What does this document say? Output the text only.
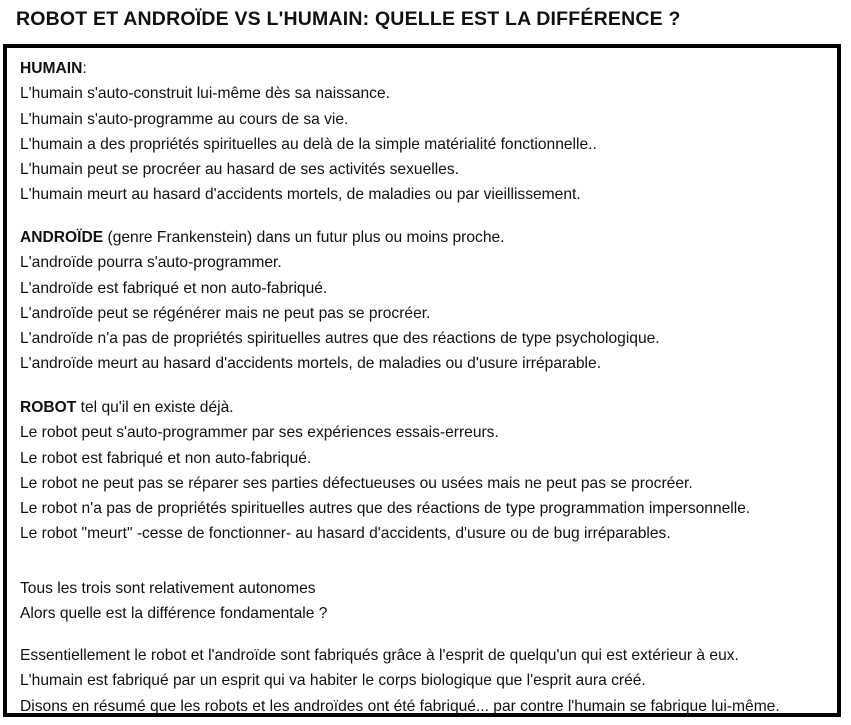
ROBOT ET ANDROÏDE VS L'HUMAIN: QUELLE EST LA DIFFÉRENCE ?
HUMAIN:
L'humain s'auto-construit lui-même dès sa naissance.
L'humain s'auto-programme au cours de sa vie.
L'humain a des propriétés spirituelles au delà de la simple matérialité fonctionnelle..
L'humain peut se procréer au hasard de ses activités sexuelles.
L'humain meurt au hasard d'accidents mortels, de maladies ou par vieillissement.
ANDROÏDE (genre Frankenstein) dans un futur plus ou moins proche.
L'androïde pourra s'auto-programmer.
L'androïde est fabriqué et non auto-fabriqué.
L'androïde peut se régénérer mais ne peut pas se procréer.
L'androïde n'a pas de propriétés spirituelles autres que des réactions de type psychologique.
L'androïde meurt au hasard d'accidents mortels, de maladies ou d'usure irréparable.
ROBOT tel qu'il en existe déjà.
Le robot peut s'auto-programmer par ses expériences essais-erreurs.
Le robot est fabriqué et non auto-fabriqué.
Le robot ne peut pas se réparer ses parties défectueuses ou usées mais ne peut pas se procréer.
Le robot n'a pas de propriétés spirituelles autres que des réactions de type programmation impersonnelle.
Le robot "meurt" -cesse de fonctionner- au hasard d'accidents, d'usure ou de bug irréparables.
Tous les trois sont relativement autonomes
Alors quelle est la différence fondamentale ?
Essentiellement le robot et l'androïde sont fabriqués grâce à l'esprit de quelqu'un qui est extérieur à eux.
L'humain est fabriqué par un esprit qui va habiter le corps biologique que l'esprit aura créé.
Disons en résumé que les robots et les androïdes ont été fabriqué... par contre l'humain se fabrique lui-même.
